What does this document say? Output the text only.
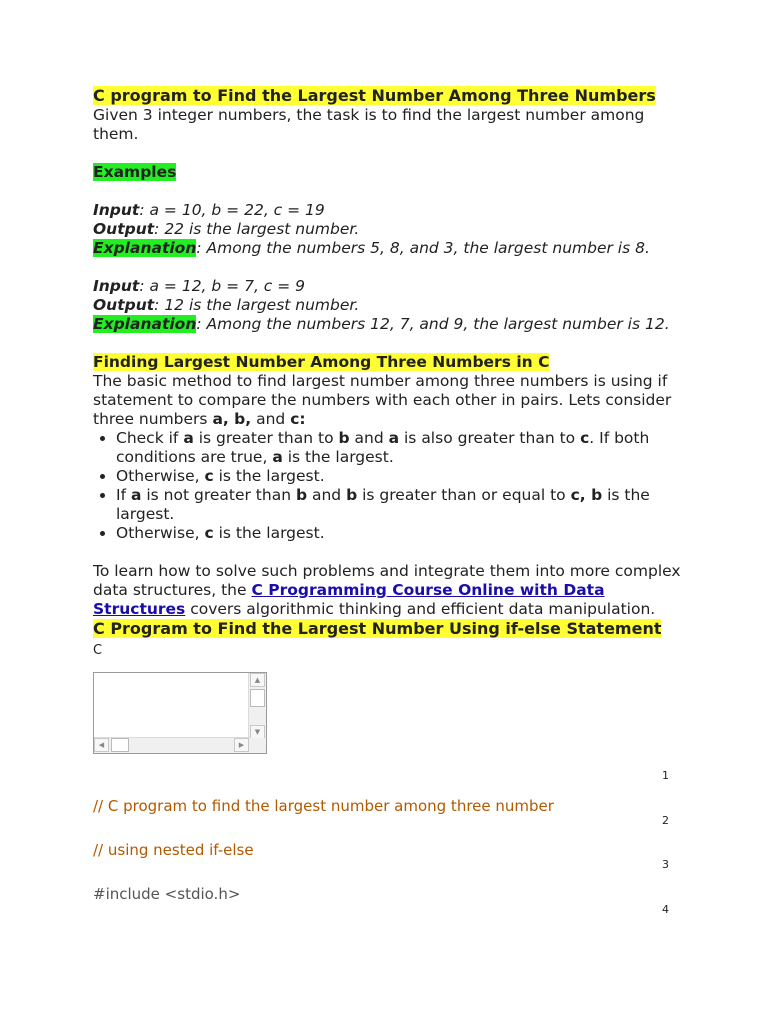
C program to Find the Largest Number Among Three Numbers

Given 3 integer numbers, the task is to find the largest number among them.

Examples
Input: a = 10, b = 22, c = 19
Output: 22 is the largest number.
Explanation: Among the numbers 5, 8, and 3, the largest number is 8.
Input: a = 12, b = 7, c = 9
Output: 12 is the largest number.
Explanation: Among the numbers 12, 7, and 9, the largest number is 12.
Finding Largest Number Among Three Numbers in C

The basic method to find largest number among three numbers is using if statement to compare the numbers with each other in pairs. Lets consider three numbers a, b, and c:

• Check if a is greater than to b and a is also greater than to c. If both conditions are true, a is the largest.
• Otherwise, c is the largest.
• If a is not greater than b and b is greater than or equal to c, b is the largest.
• Otherwise, c is the largest.

To learn how to solve such problems and integrate them into more complex data structures, the C Programming Course Online with Data Structures covers algorithmic thinking and efficient data manipulation.

C Program to Find the Largest Number Using if-else Statement
C
▲
▼
◀	▶
1
// C program to find the largest number among three number
2
// using nested if-else
3
#include <stdio.h>
4
